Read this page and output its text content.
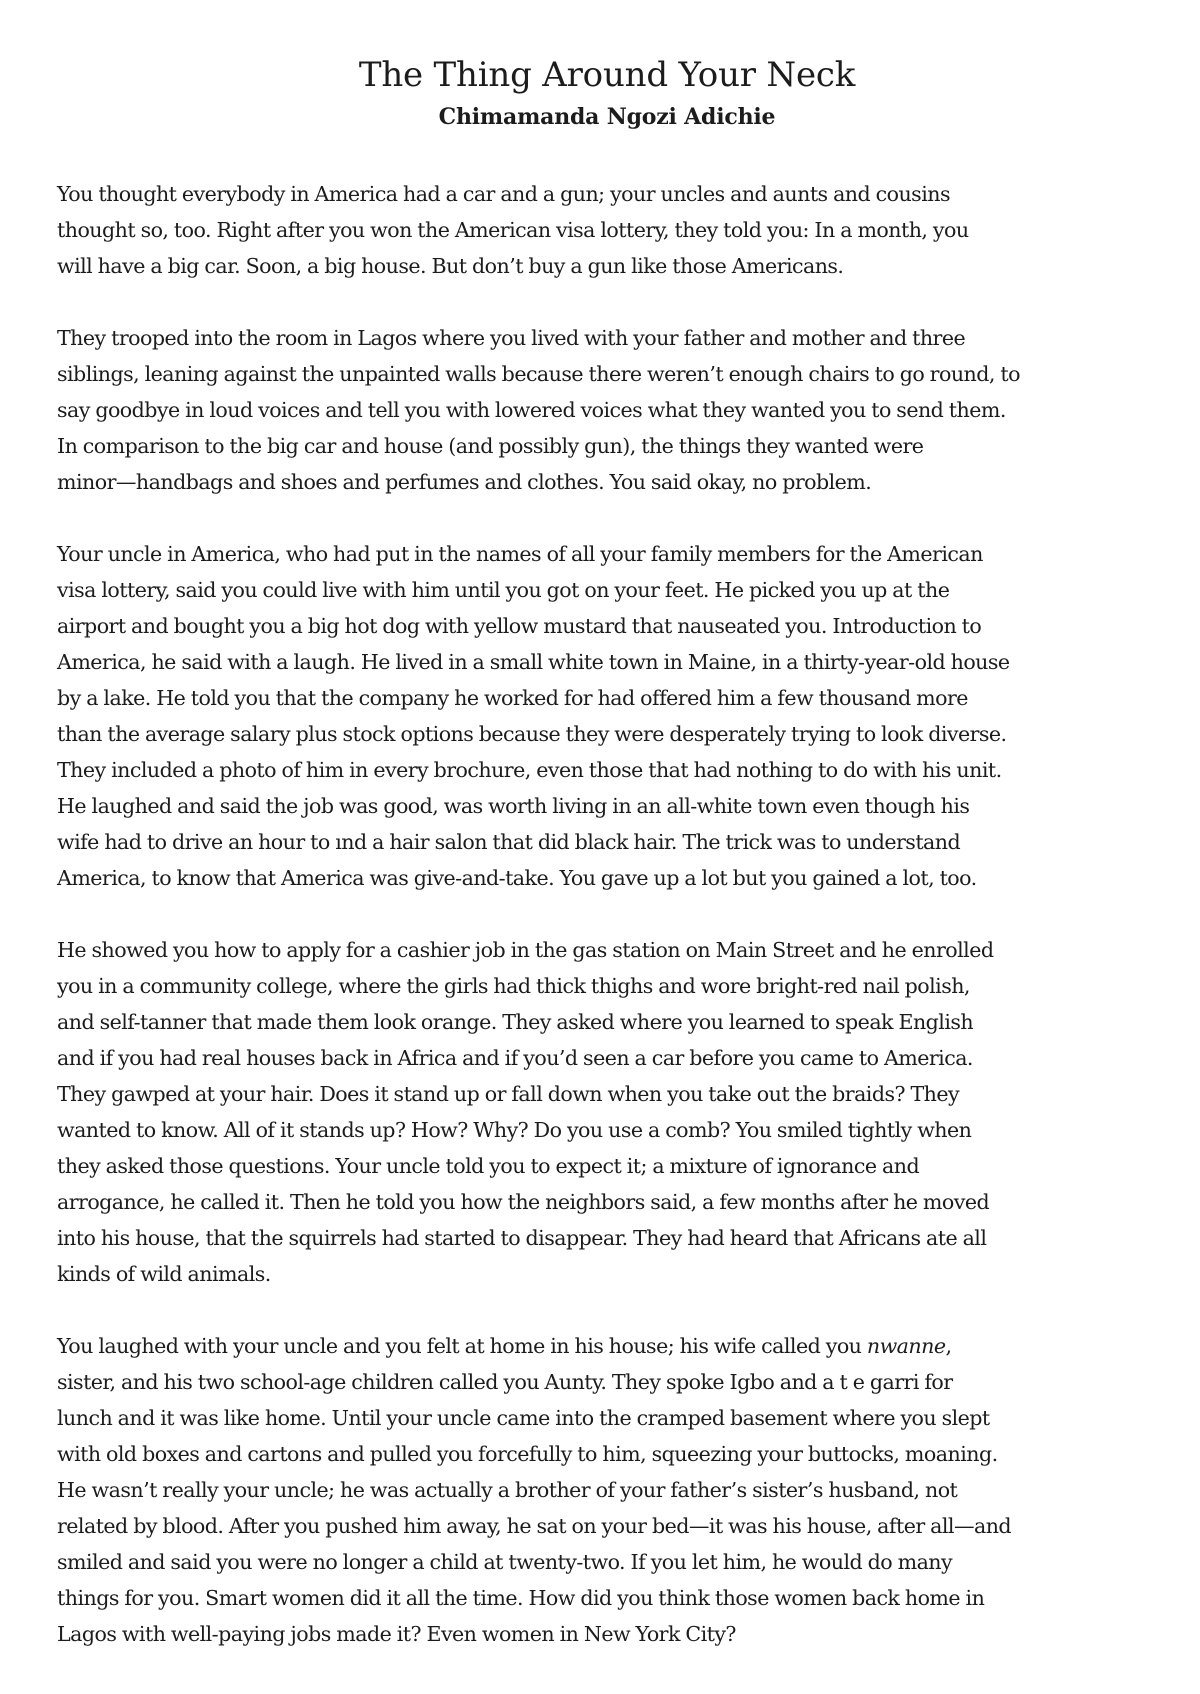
The Thing Around Your Neck
Chimamanda Ngozi Adichie

You thought everybody in America had a car and a gun; your uncles and aunts and cousins
thought so, too. Right after you won the American visa lottery, they told you: In a month, you
will have a big car. Soon, a big house. But don’t buy a gun like those Americans.

They trooped into the room in Lagos where you lived with your father and mother and three
siblings, leaning against the unpainted walls because there weren’t enough chairs to go round, to
say goodbye in loud voices and tell you with lowered voices what they wanted you to send them.
In comparison to the big car and house (and possibly gun), the things they wanted were
minor—handbags and shoes and perfumes and clothes. You said okay, no problem.

Your uncle in America, who had put in the names of all your family members for the American
visa lottery, said you could live with him until you got on your feet. He picked you up at the
airport and bought you a big hot dog with yellow mustard that nauseated you. Introduction to
America, he said with a laugh. He lived in a small white town in Maine, in a thirty-year-old house
by a lake. He told you that the company he worked for had offered him a few thousand more
than the average salary plus stock options because they were desperately trying to look diverse.
They included a photo of him in every brochure, even those that had nothing to do with his unit.
He laughed and said the job was good, was worth living in an all-white town even though his
wife had to drive an hour to ınd a hair salon that did black hair. The trick was to understand
America, to know that America was give-and-take. You gave up a lot but you gained a lot, too.

He showed you how to apply for a cashier job in the gas station on Main Street and he enrolled
you in a community college, where the girls had thick thighs and wore bright-red nail polish,
and self-tanner that made them look orange. They asked where you learned to speak English
and if you had real houses back in Africa and if you’d seen a car before you came to America.
They gawped at your hair. Does it stand up or fall down when you take out the braids? They
wanted to know. All of it stands up? How? Why? Do you use a comb? You smiled tightly when
they asked those questions. Your uncle told you to expect it; a mixture of ignorance and
arrogance, he called it. Then he told you how the neighbors said, a few months after he moved
into his house, that the squirrels had started to disappear. They had heard that Africans ate all
kinds of wild animals.

You laughed with your uncle and you felt at home in his house; his wife called you nwanne,
sister, and his two school-age children called you Aunty. They spoke Igbo and a t e garri for
lunch and it was like home. Until your uncle came into the cramped basement where you slept
with old boxes and cartons and pulled you forcefully to him, squeezing your buttocks, moaning.
He wasn’t really your uncle; he was actually a brother of your father’s sister’s husband, not
related by blood. After you pushed him away, he sat on your bed—it was his house, after all—and
smiled and said you were no longer a child at twenty-two. If you let him, he would do many
things for you. Smart women did it all the time. How did you think those women back home in
Lagos with well-paying jobs made it? Even women in New York City?
